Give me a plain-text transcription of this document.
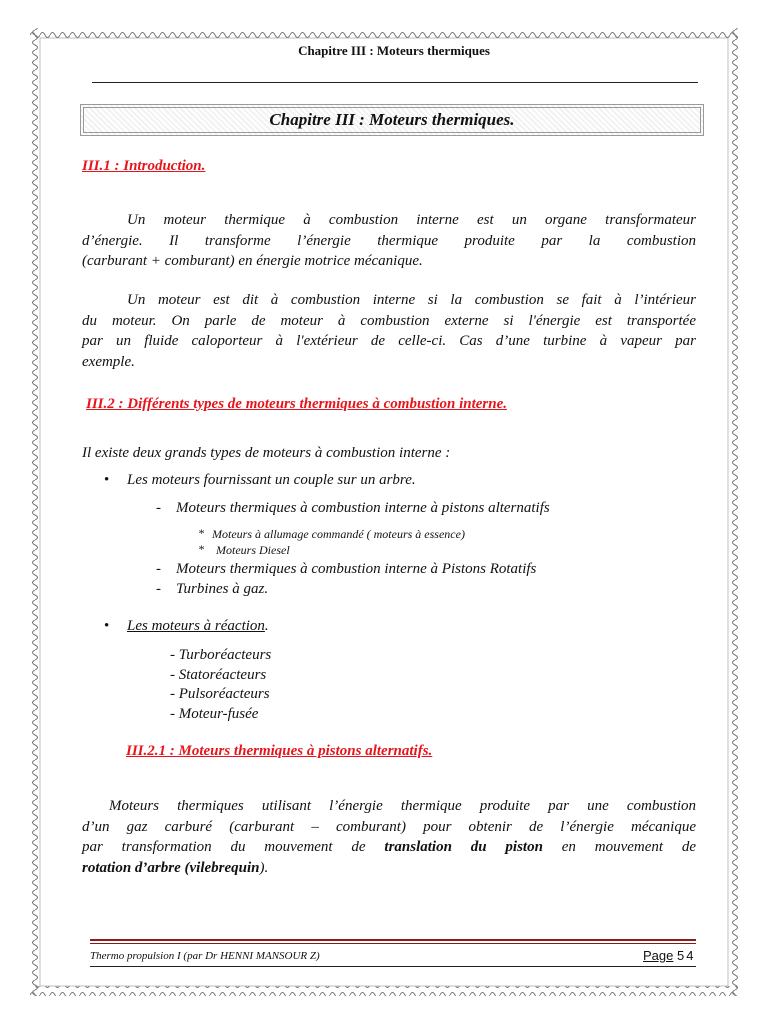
Chapitre III : Moteurs thermiques
Chapitre III : Moteurs thermiques.
III.1 : Introduction.
Un moteur thermique à combustion interne est un organe transformateur
d’énergie. Il transforme l’énergie thermique produite par la combustion
(carburant + comburant) en énergie motrice mécanique.
Un moteur est dit à combustion interne si la combustion se fait à l’intérieur
du moteur. On parle de moteur à combustion externe si l'énergie est transportée
par un fluide caloporteur à l'extérieur de celle-ci. Cas d’une turbine à vapeur par
exemple.
III.2 : Différents types de moteurs thermiques à combustion interne.
Il existe deux grands types de moteurs à combustion interne :
• Les moteurs fournissant un couple sur un arbre.
- Moteurs thermiques à combustion interne à pistons alternatifs
* Moteurs à allumage commandé ( moteurs à essence)
* Moteurs Diesel
- Moteurs thermiques à combustion interne à Pistons Rotatifs
- Turbines à gaz.
• Les moteurs à réaction.
- Turboréacteurs
- Statoréacteurs
- Pulsoréacteurs
- Moteur-fusée
III.2.1 : Moteurs thermiques à pistons alternatifs.
Moteurs thermiques utilisant l’énergie thermique produite par une combustion
d’un gaz carburé (carburant – comburant) pour obtenir de l’énergie mécanique
par transformation du mouvement de translation du piston en mouvement de
rotation d’arbre (vilebrequin).
Thermo propulsion I (par Dr HENNI MANSOUR Z)	Page 54
